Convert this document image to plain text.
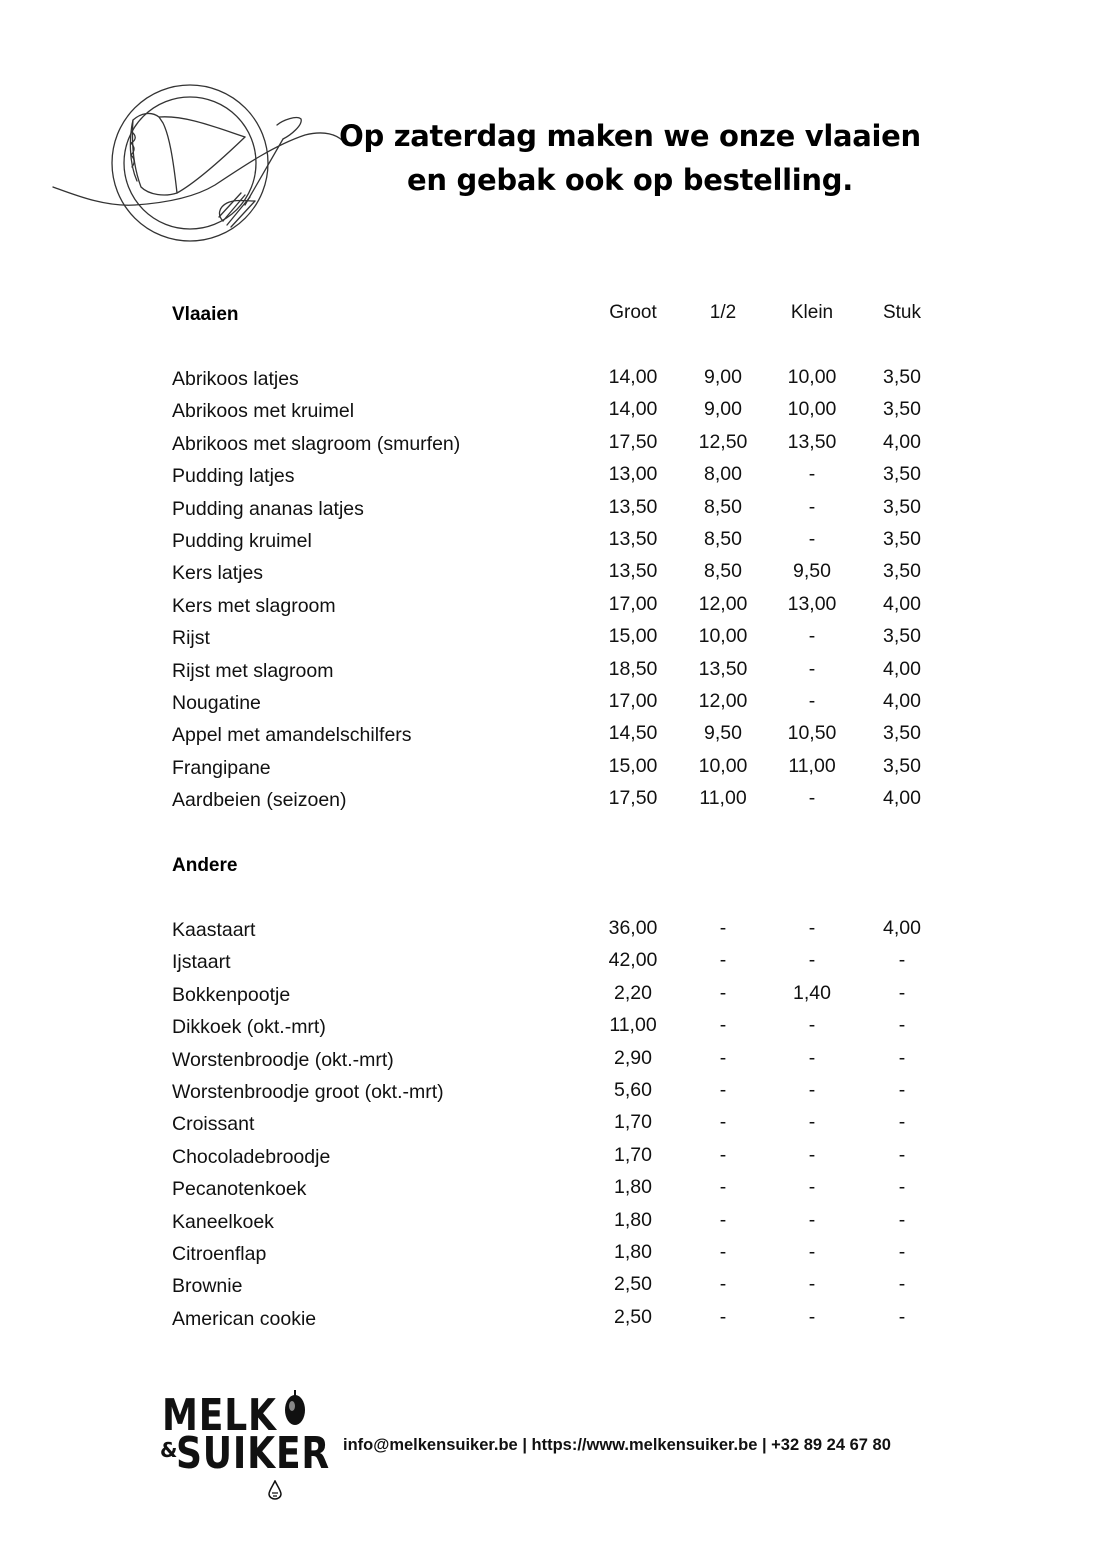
Op zaterdag maken we onze vlaaien
en gebak ook op bestelling.
Vlaaien	Groot	1/2	Klein	Stuk
Abrikoos latjes	14,00	9,00	10,00	3,50
Abrikoos met kruimel	14,00	9,00	10,00	3,50
Abrikoos met slagroom (smurfen)	17,50	12,50	13,50	4,00
Pudding latjes	13,00	8,00	-	3,50
Pudding ananas latjes	13,50	8,50	-	3,50
Pudding kruimel	13,50	8,50	-	3,50
Kers latjes	13,50	8,50	9,50	3,50
Kers met slagroom	17,00	12,00	13,00	4,00
Rijst	15,00	10,00	-	3,50
Rijst met slagroom	18,50	13,50	-	4,00
Nougatine	17,00	12,00	-	4,00
Appel met amandelschilfers	14,50	9,50	10,50	3,50
Frangipane	15,00	10,00	11,00	3,50
Aardbeien (seizoen)	17,50	11,00	-	4,00
Andere
Kaastaart	36,00	-	-	4,00
Ijstaart	42,00	-	-	-
Bokkenpootje	2,20	-	1,40	-
Dikkoek (okt.-mrt)	11,00	-	-	-
Worstenbroodje (okt.-mrt)	2,90	-	-	-
Worstenbroodje groot (okt.-mrt)	5,60	-	-	-
Croissant	1,70	-	-	-
Chocoladebroodje	1,70	-	-	-
Pecanotenkoek	1,80	-	-	-
Kaneelkoek	1,80	-	-	-
Citroenflap	1,80	-	-	-
Brownie	2,50	-	-	-
American cookie	2,50	-	-	-
MELK
&
SUIKER info@melkensuiker.be | https://www.melkensuiker.be | +32 89 24 67 80
